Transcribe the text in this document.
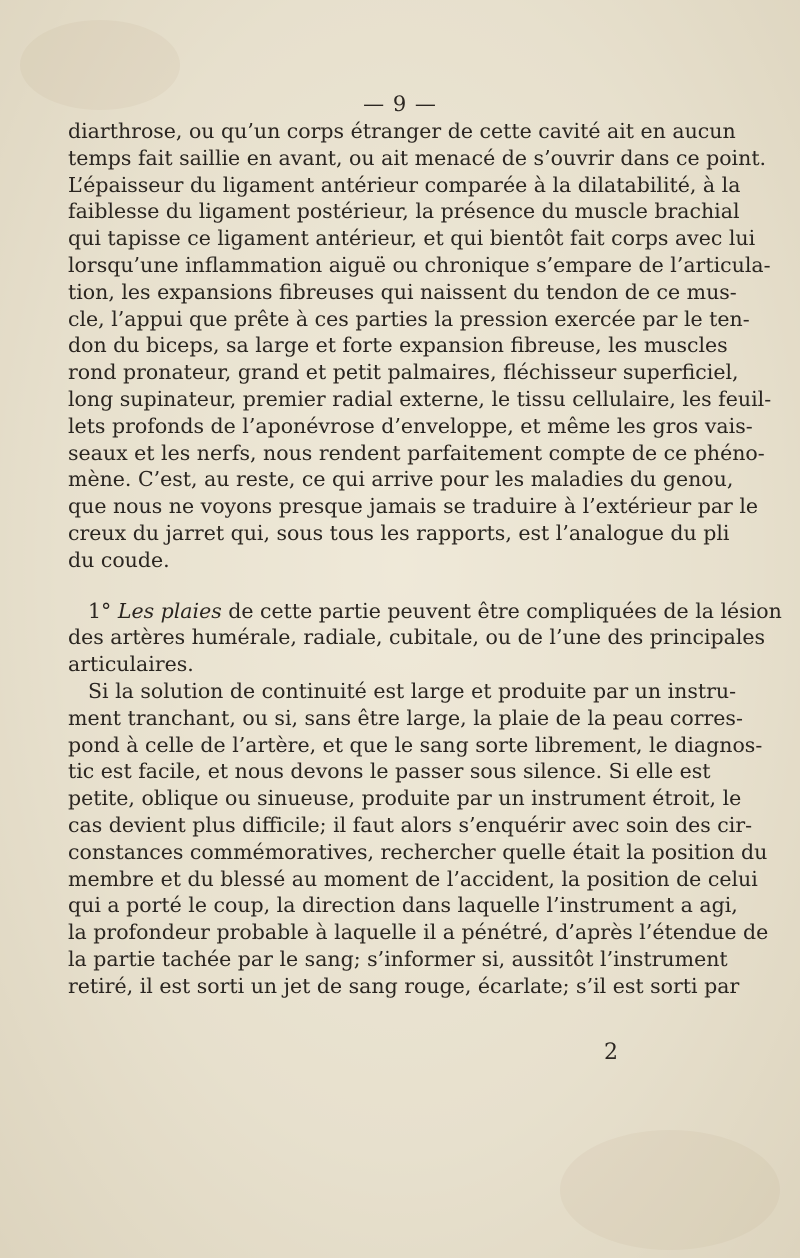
— 9 —
diarthrose, ou qu’un corps étranger de cette cavité ait en aucun
temps fait saillie en avant, ou ait menacé de s’ouvrir dans ce point.
L’épaisseur du ligament antérieur comparée à la dilatabilité, à la
faiblesse du ligament postérieur, la présence du muscle brachial
qui tapisse ce ligament antérieur, et qui bientôt fait corps avec lui
lorsqu’une inflammation aiguë ou chronique s’empare de l’articula-
tion, les expansions fibreuses qui naissent du tendon de ce mus-
cle, l’appui que prête à ces parties la pression exercée par le ten-
don du biceps, sa large et forte expansion fibreuse, les muscles
rond pronateur, grand et petit palmaires, fléchisseur superficiel,
long supinateur, premier radial externe, le tissu cellulaire, les feuil-
lets profonds de l’aponévrose d’enveloppe, et même les gros vais-
seaux et les nerfs, nous rendent parfaitement compte de ce phéno-
mène. C’est, au reste, ce qui arrive pour les maladies du genou,
que nous ne voyons presque jamais se traduire à l’extérieur par le
creux du jarret qui, sous tous les rapports, est l’analogue du pli
du coude.
1° Les plaies de cette partie peuvent être compliquées de la lésion
des artères humérale, radiale, cubitale, ou de l’une des principales
articulaires.
Si la solution de continuité est large et produite par un instru-
ment tranchant, ou si, sans être large, la plaie de la peau corres-
pond à celle de l’artère, et que le sang sorte librement, le diagnos-
tic est facile, et nous devons le passer sous silence. Si elle est
petite, oblique ou sinueuse, produite par un instrument étroit, le
cas devient plus difficile; il faut alors s’enquérir avec soin des cir-
constances commémoratives, rechercher quelle était la position du
membre et du blessé au moment de l’accident, la position de celui
qui a porté le coup, la direction dans laquelle l’instrument a agi,
la profondeur probable à laquelle il a pénétré, d’après l’étendue de
la partie tachée par le sang; s’informer si, aussitôt l’instrument
retiré, il est sorti un jet de sang rouge, écarlate; s’il est sorti par
2
